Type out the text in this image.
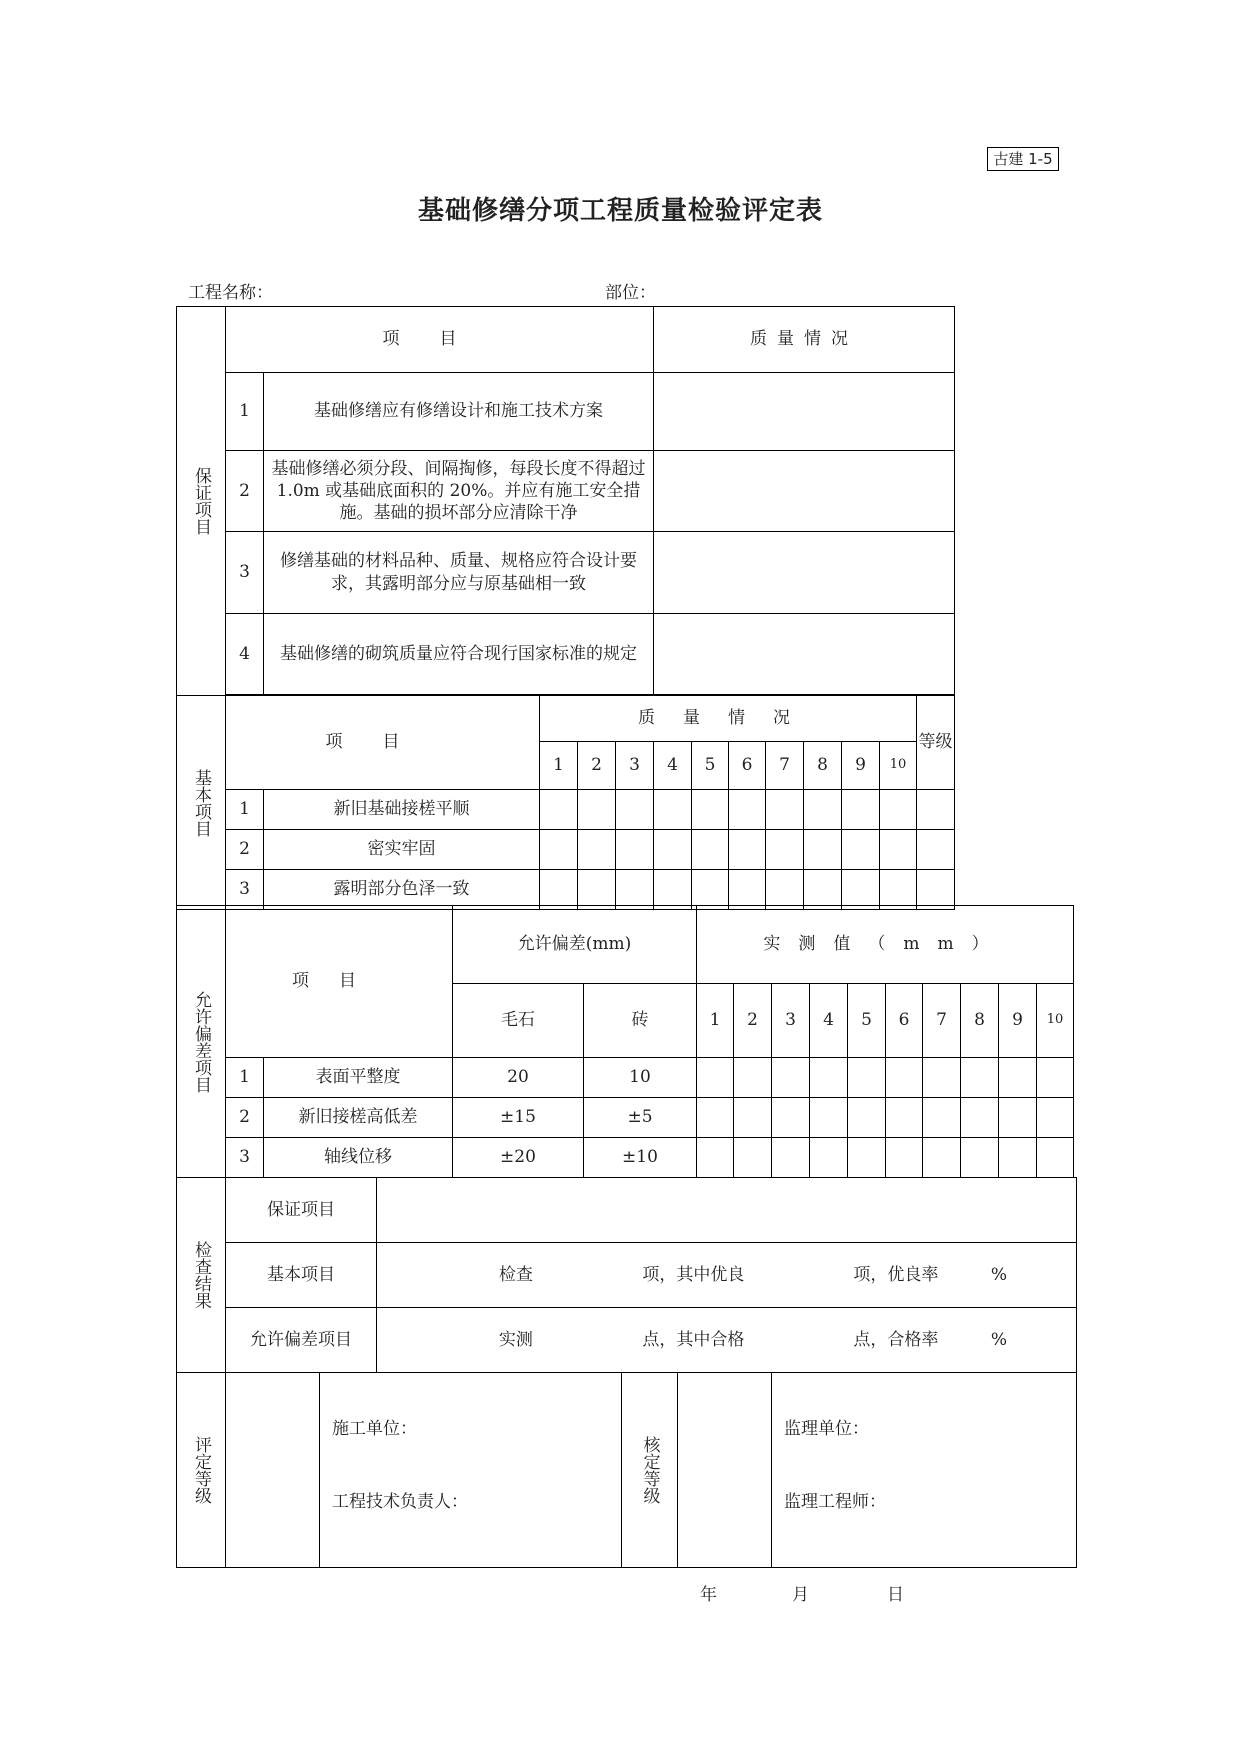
古建 1-5
基础修缮分项工程质量检验评定表
工程名称：	部位：
保证项目	项目					质量情况							
	1	基础修缮应有修缮设计和施工技术方案											
	2	基础修缮必须分段、间隔掏修，每段长度不得超过 1.0m 或基础底面积的 20%。并应有施工安全措施。基础的损坏部分应清除干净											
	3	修缮基础的材料品种、质量、规格应符合设计要求，其露明部分应与原基础相一致											
	4	基础修缮的砌筑质量应符合现行国家标准的规定											

基本项目	项目		质量情况										等级
			1	2	3	4	5	6	7	8	9	10	
	1	新旧基础接槎平顺											
	2	密实牢固											
	3	露明部分色泽一致											
允许偏差项目	项目		允许偏差(mm)		实测值（mm）									
			毛石	砖	1	2	3	4	5	6	7	8	9	10
	1	表面平整度	20	10										
	2	新旧接槎高低差	±15	±5										
	3	轴线位移	±20	±10										
检查结果	保证项目	
	基本项目	检查 项，其中优良 项，优良率 %
	允许偏差项目	实测 点，其中合格 点，合格率 %
评定等级		
施工单位：
工程技术负责人：	核定等级		
监理单位：
监理工程师：
年	月	日
